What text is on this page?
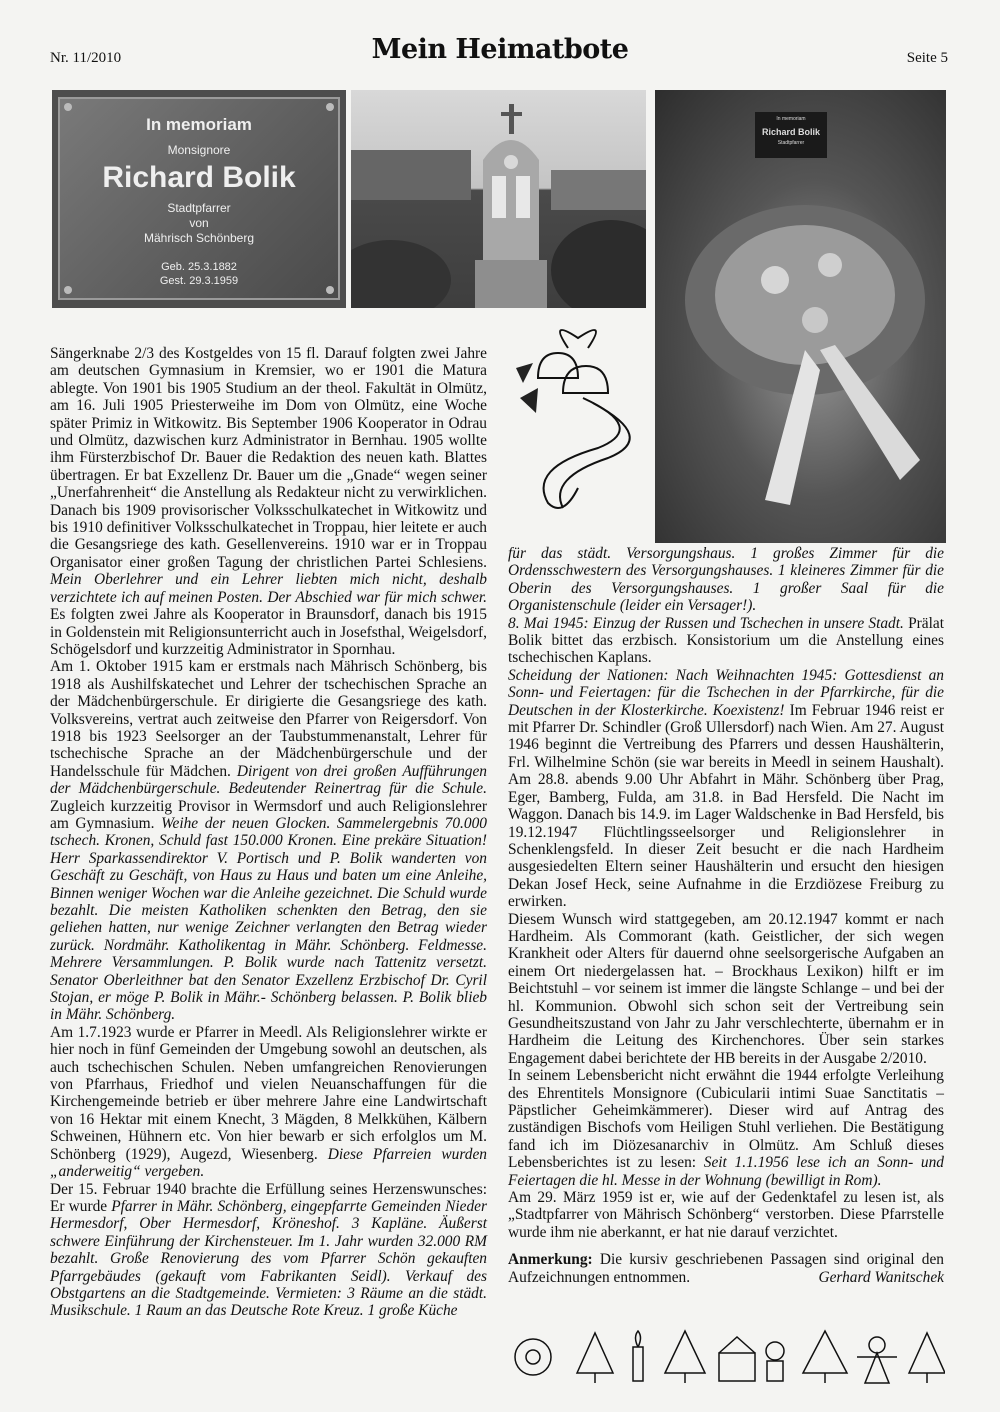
Nr. 11/2010	Mein Heimatbote	Seite 5
In memoriam
Monsignore
Richard Bolik
Stadtpfarrer
von
Mährisch Schönberg
Geb. 25.3.1882
Gest. 29.3.1959
In memoriam
Richard Bolik
Stadtpfarrer

Sängerknabe 2/3 des Kostgeldes von 15 fl. Darauf folgten zwei Jahre am deutschen Gymnasium in Kremsier, wo er 1901 die Matura ablegte. Von 1901 bis 1905 Studium an der theol. Fakultät in Olmütz, am 16. Juli 1905 Priesterweihe im Dom von Olmütz, eine Woche später Primiz in Witkowitz. Bis September 1906 Kooperator in Odrau und Olmütz, dazwischen kurz Administrator in Bernhau. 1905 wollte ihm Fürsterzbischof Dr. Bauer die Redaktion des neuen kath. Blattes übertragen. Er bat Exzellenz Dr. Bauer um die „Gnade“ wegen seiner „Unerfahrenheit“ die Anstellung als Redakteur nicht zu verwirklichen. Danach bis 1909 provisorischer Volksschulkatechet in Witkowitz und bis 1910 definitiver Volksschulkatechet in Troppau, hier leitete er auch die Gesangsriege des kath. Gesellenvereins. 1910 war er in Troppau Organisator einer großen Tagung der christlichen Partei Schlesiens. Mein Oberlehrer und ein Lehrer liebten mich nicht, deshalb verzichtete ich auf meinen Posten. Der Abschied war für mich schwer. Es folgten zwei Jahre als Kooperator in Braunsdorf, danach bis 1915 in Goldenstein mit Religionsunterricht auch in Josefsthal, Weigelsdorf, Schögelsdorf und kurzzeitig Administrator in Spornhau.

Am 1. Oktober 1915 kam er erstmals nach Mährisch Schönberg, bis 1918 als Aushilfskatechet und Lehrer der tschechischen Sprache an der Mädchenbürgerschule. Er dirigierte die Gesangsriege des kath. Volksvereins, vertrat auch zeitweise den Pfarrer von Reigersdorf. Von 1918 bis 1923 Seelsorger an der Taubstummenanstalt, Lehrer für tschechische Sprache an der Mädchenbürgerschule und der Handelsschule für Mädchen. Dirigent von drei großen Aufführungen der Mädchenbürgerschule. Bedeutender Reinertrag für die Schule. Zugleich kurzzeitig Provisor in Wermsdorf und auch Religionslehrer am Gymnasium. Weihe der neuen Glocken. Sammelergebnis 70.000 tschech. Kronen, Schuld fast 150.000 Kronen. Eine prekäre Situation! Herr Sparkassendirektor V. Portisch und P. Bolik wanderten von Geschäft zu Geschäft, von Haus zu Haus und baten um eine Anleihe, Binnen weniger Wochen war die Anleihe gezeichnet. Die Schuld wurde bezahlt. Die meisten Katholiken schenkten den Betrag, den sie geliehen hatten, nur wenige Zeichner verlangten den Betrag wieder zurück. Nordmähr. Katholikentag in Mähr. Schönberg. Feldmesse. Mehrere Versammlungen. P. Bolik wurde nach Tattenitz versetzt. Senator Oberleithner bat den Senator Exzellenz Erzbischof Dr. Cyril Stojan, er möge P. Bolik in Mähr.- Schönberg belassen. P. Bolik blieb in Mähr. Schönberg.

Am 1.7.1923 wurde er Pfarrer in Meedl. Als Religionslehrer wirkte er hier noch in fünf Gemeinden der Umgebung sowohl an deutschen, als auch tschechischen Schulen. Neben umfangreichen Renovierungen von Pfarrhaus, Friedhof und vielen Neuanschaffungen für die Kirchengemeinde betrieb er über mehrere Jahre eine Landwirtschaft von 16 Hektar mit einem Knecht, 3 Mägden, 8 Melkkühen, Kälbern Schweinen, Hühnern etc. Von hier bewarb er sich erfolglos um M. Schönberg (1929), Augezd, Wiesenberg. Diese Pfarreien wurden „anderweitig“ vergeben.

Der 15. Februar 1940 brachte die Erfüllung seines Herzenswunsches: Er wurde Pfarrer in Mähr. Schönberg, eingepfarrte Gemeinden Nieder Hermesdorf, Ober Hermesdorf, Kröneshof. 3 Kapläne. Äußerst schwere Einführung der Kirchensteuer. Im 1. Jahr wurden 32.000 RM bezahlt. Große Renovierung des vom Pfarrer Schön gekauften Pfarrgebäudes (gekauft vom Fabrikanten Seidl). Verkauf des Obstgartens an die Stadtgemeinde. Vermieten: 3 Räume an die städt. Musikschule. 1 Raum an das Deutsche Rote Kreuz. 1 große Küche

für das städt. Versorgungshaus. 1 großes Zimmer für die Ordensschwestern des Versorgungshauses. 1 kleineres Zimmer für die Oberin des Versorgungshauses. 1 großer Saal für die Organistenschule (leider ein Versager!).

8. Mai 1945: Einzug der Russen und Tschechen in unsere Stadt. Prälat Bolik bittet das erzbisch. Konsistorium um die Anstellung eines tschechischen Kaplans.

Scheidung der Nationen: Nach Weihnachten 1945: Gottesdienst an Sonn- und Feiertagen: für die Tschechen in der Pfarrkirche, für die Deutschen in der Klosterkirche. Koexistenz! Im Februar 1946 reist er mit Pfarrer Dr. Schindler (Groß Ullersdorf) nach Wien. Am 27. August 1946 beginnt die Vertreibung des Pfarrers und dessen Haushälterin, Frl. Wilhelmine Schön (sie war bereits in Meedl in seinem Haushalt). Am 28.8. abends 9.00 Uhr Abfahrt in Mähr. Schönberg über Prag, Eger, Bamberg, Fulda, am 31.8. in Bad Hersfeld. Die Nacht im Waggon. Danach bis 14.9. im Lager Waldschenke in Bad Hersfeld, bis 19.12.1947 Flüchtlingsseelsorger und Religionslehrer in Schenklengsfeld. In dieser Zeit besucht er die nach Hardheim ausgesiedelten Eltern seiner Haushälterin und ersucht den hiesigen Dekan Josef Heck, seine Aufnahme in die Erzdiözese Freiburg zu erwirken.

Diesem Wunsch wird stattgegeben, am 20.12.1947 kommt er nach Hardheim. Als Commorant (kath. Geistlicher, der sich wegen Krankheit oder Alters für dauernd ohne seelsorgerische Aufgaben an einem Ort niedergelassen hat. – Brockhaus Lexikon) hilft er im Beichtstuhl – vor seinem ist immer die längste Schlange – und bei der hl. Kommunion. Obwohl sich schon seit der Vertreibung sein Gesundheitszustand von Jahr zu Jahr verschlechterte, übernahm er in Hardheim die Leitung des Kirchenchores. Über sein starkes Engagement dabei berichtete der HB bereits in der Ausgabe 2/2010.

In seinem Lebensbericht nicht erwähnt die 1944 erfolgte Verleihung des Ehrentitels Monsignore (Cubicularii intimi Suae Sanctitatis – Päpstlicher Geheimkämmerer). Dieser wird auf Antrag des zuständigen Bischofs vom Heiligen Stuhl verliehen. Die Bestätigung fand ich im Diözesanarchiv in Olmütz. Am Schluß dieses Lebensberichtes ist zu lesen: Seit 1.1.1956 lese ich an Sonn- und Feiertagen die hl. Messe in der Wohnung (bewilligt in Rom).

Am 29. März 1959 ist er, wie auf der Gedenktafel zu lesen ist, als „Stadtpfarrer von Mährisch Schönberg“ verstorben. Diese Pfarrstelle wurde ihm nie aberkannt, er hat nie darauf verzichtet.

Anmerkung: Die kursiv geschriebenen Passagen sind original den Aufzeichnungen entnommen.	Gerhard Wanitschek
